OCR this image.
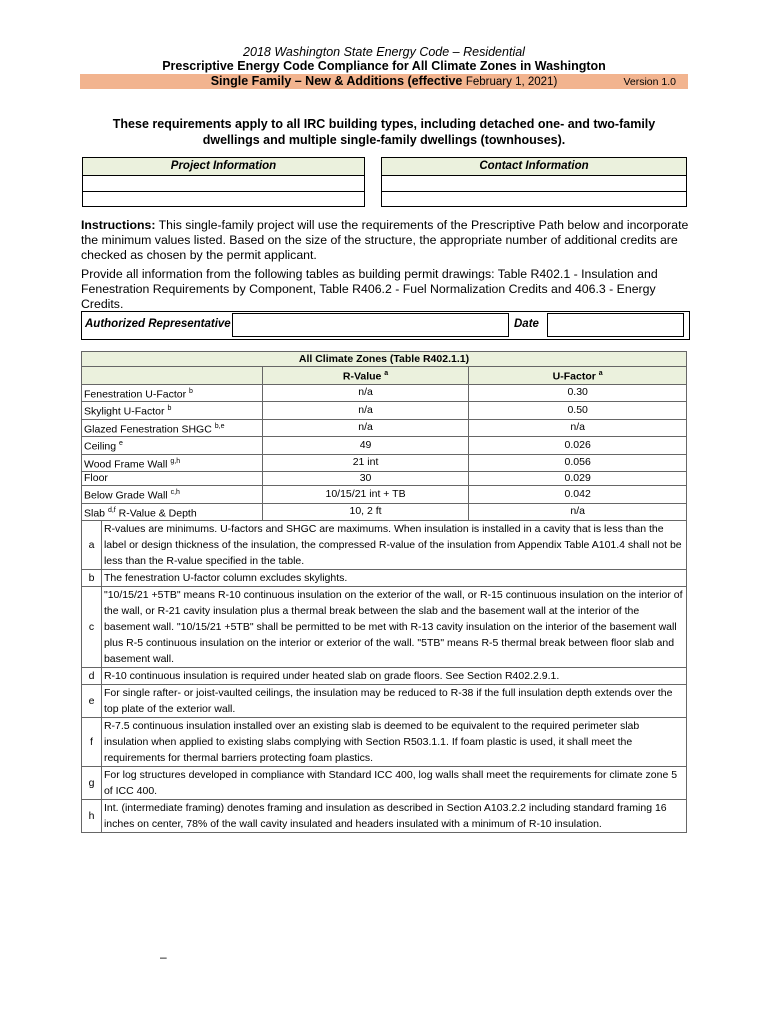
2018 Washington State Energy Code – Residential
Prescriptive Energy Code Compliance for All Climate Zones in Washington
Single Family – New & Additions (effective February 1, 2021)	Version 1.0
These requirements apply to all IRC building types, including detached one- and two-family dwellings and multiple single-family dwellings (townhouses).
Project Information	Contact Information
Instructions: This single-family project will use the requirements of the Prescriptive Path below and incorporate the minimum values listed. Based on the size of the structure, the appropriate number of additional credits are checked as chosen by the permit applicant.
Provide all information from the following tables as building permit drawings: Table R402.1 - Insulation and Fenestration Requirements by Component, Table R406.2 - Fuel Normalization Credits and 406.3 - Energy Credits.
Authorized Representative	Date
All Climate Zones (Table R402.1.1)			
		R-Value $^a$	U-Factor $^a$
Fenestration U-Factor $^b$		n/a	0.30
Skylight U-Factor $^b$		n/a	0.50
Glazed Fenestration SHGC $^{b,e}$		n/a	n/a
Ceiling $^e$		49	0.026
Wood Frame Wall $^{g,h}$		21 int	0.056
Floor		30	0.029
Below Grade Wall $^{c,h}$		10/15/21 int + TB	0.042
Slab $^{d,f}$ R-Value & Depth		10, 2 ft	n/a
a	R-values are minimums. U-factors and SHGC are maximums. When insulation is installed in a cavity that is less than the label or design thickness of the insulation, the compressed R-value of the insulation from Appendix Table A101.4 shall not be less than the R-value specified in the table.		
b	The fenestration U-factor column excludes skylights.		
c	"10/15/21 +5TB" means R-10 continuous insulation on the exterior of the wall, or R-15 continuous insulation on the interior of the wall, or R-21 cavity insulation plus a thermal break between the slab and the basement wall at the interior of the basement wall. "10/15/21 +5TB" shall be permitted to be met with R-13 cavity insulation on the interior of the basement wall plus R-5 continuous insulation on the interior or exterior of the wall. "5TB" means R-5 thermal break between floor slab and basement wall.		
d	R-10 continuous insulation is required under heated slab on grade floors. See Section R402.2.9.1.		
e	For single rafter- or joist-vaulted ceilings, the insulation may be reduced to R-38 if the full insulation depth extends over the top plate of the exterior wall.		
f	R-7.5 continuous insulation installed over an existing slab is deemed to be equivalent to the required perimeter slab insulation when applied to existing slabs complying with Section R503.1.1. If foam plastic is used, it shall meet the requirements for thermal barriers protecting foam plastics.		
g	For log structures developed in compliance with Standard ICC 400, log walls shall meet the requirements for climate zone 5 of ICC 400.		
h	Int. (intermediate framing) denotes framing and insulation as described in Section A103.2.2 including standard framing 16 inches on center, 78% of the wall cavity insulated and headers insulated with a minimum of R-10 insulation.		
–
